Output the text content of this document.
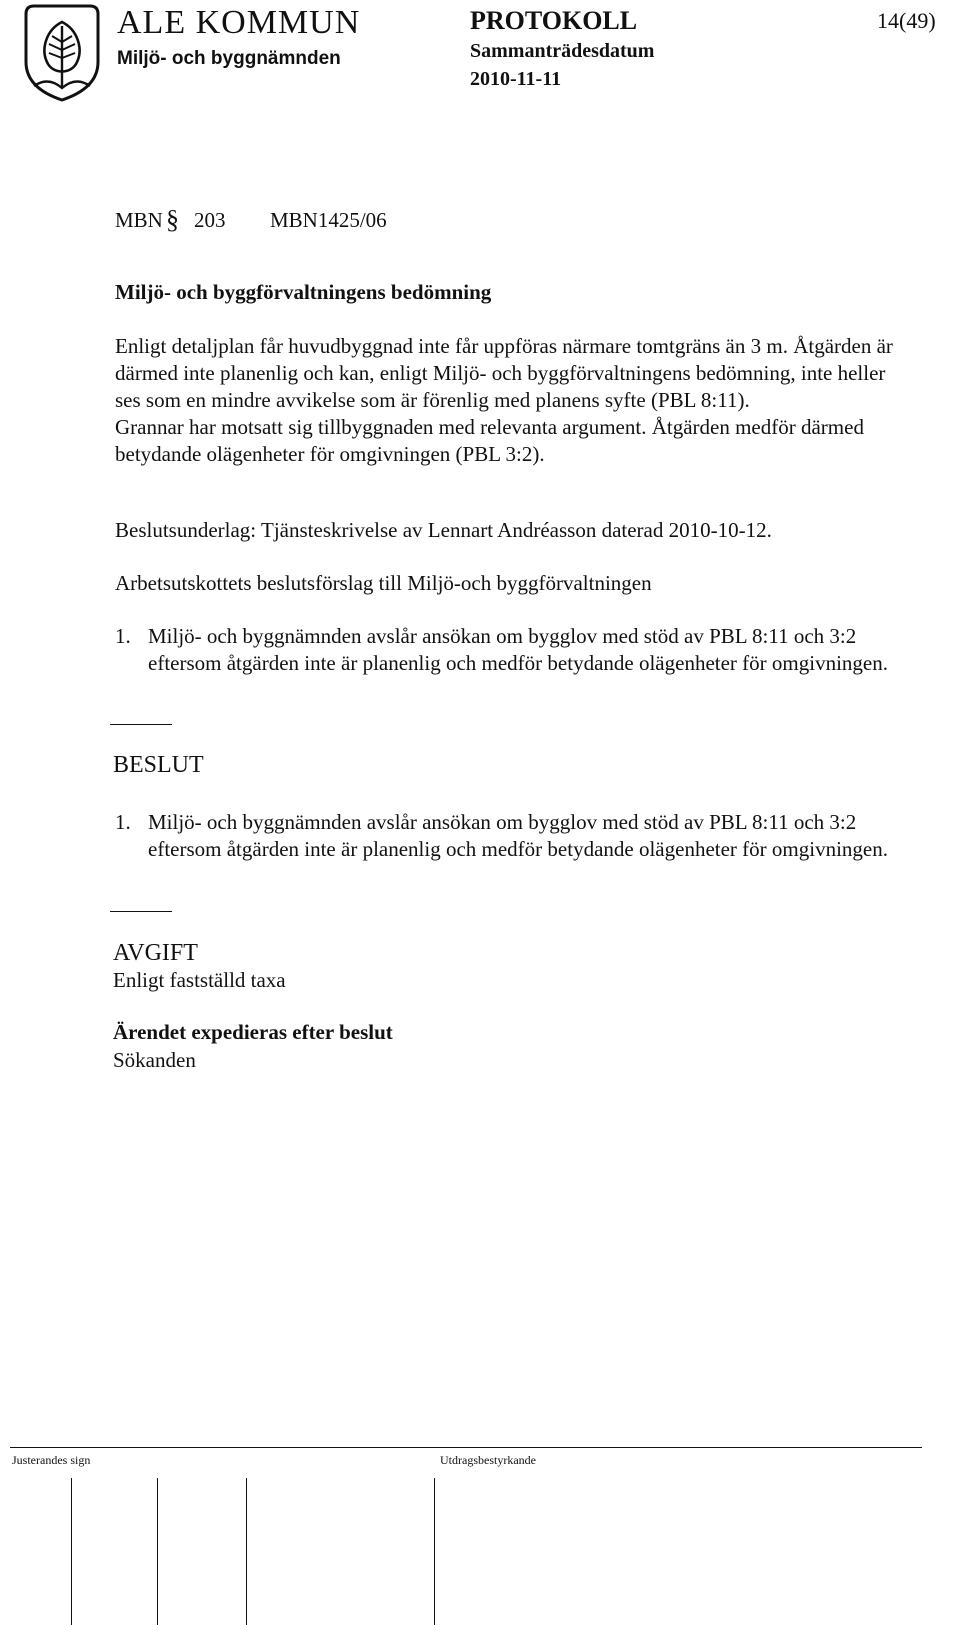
ALE KOMMUN
Miljö- och byggnämnden
PROTOKOLL	14(49)
Sammanträdesdatum
2010-11-11
MBN § 203 MBN1425/06
Miljö- och byggförvaltningens bedömning

Enligt detaljplan får huvudbyggnad inte får uppföras närmare tomtgräns än 3 m. Åtgärden är därmed inte planenlig och kan, enligt Miljö- och byggförvaltningens bedömning, inte heller ses som en mindre avvikelse som är förenlig med planens syfte (PBL 8:11).

Grannar har motsatt sig tillbyggnaden med relevanta argument. Åtgärden medför därmed betydande olägenheter för omgivningen (PBL 3:2).

Beslutsunderlag: Tjänsteskrivelse av Lennart Andréasson daterad 2010-10-12.
Arbetsutskottets beslutsförslag till Miljö-och byggförvaltningen
1. Miljö- och byggnämnden avslår ansökan om bygglov med stöd av PBL 8:11 och 3:2 eftersom åtgärden inte är planenlig och medför betydande olägenheter för omgivningen.
BESLUT
1. Miljö- och byggnämnden avslår ansökan om bygglov med stöd av PBL 8:11 och 3:2 eftersom åtgärden inte är planenlig och medför betydande olägenheter för omgivningen.
AVGIFT
Enligt fastställd taxa
Ärendet expedieras efter beslut
Sökanden
Justerandes sign	Utdragsbestyrkande
